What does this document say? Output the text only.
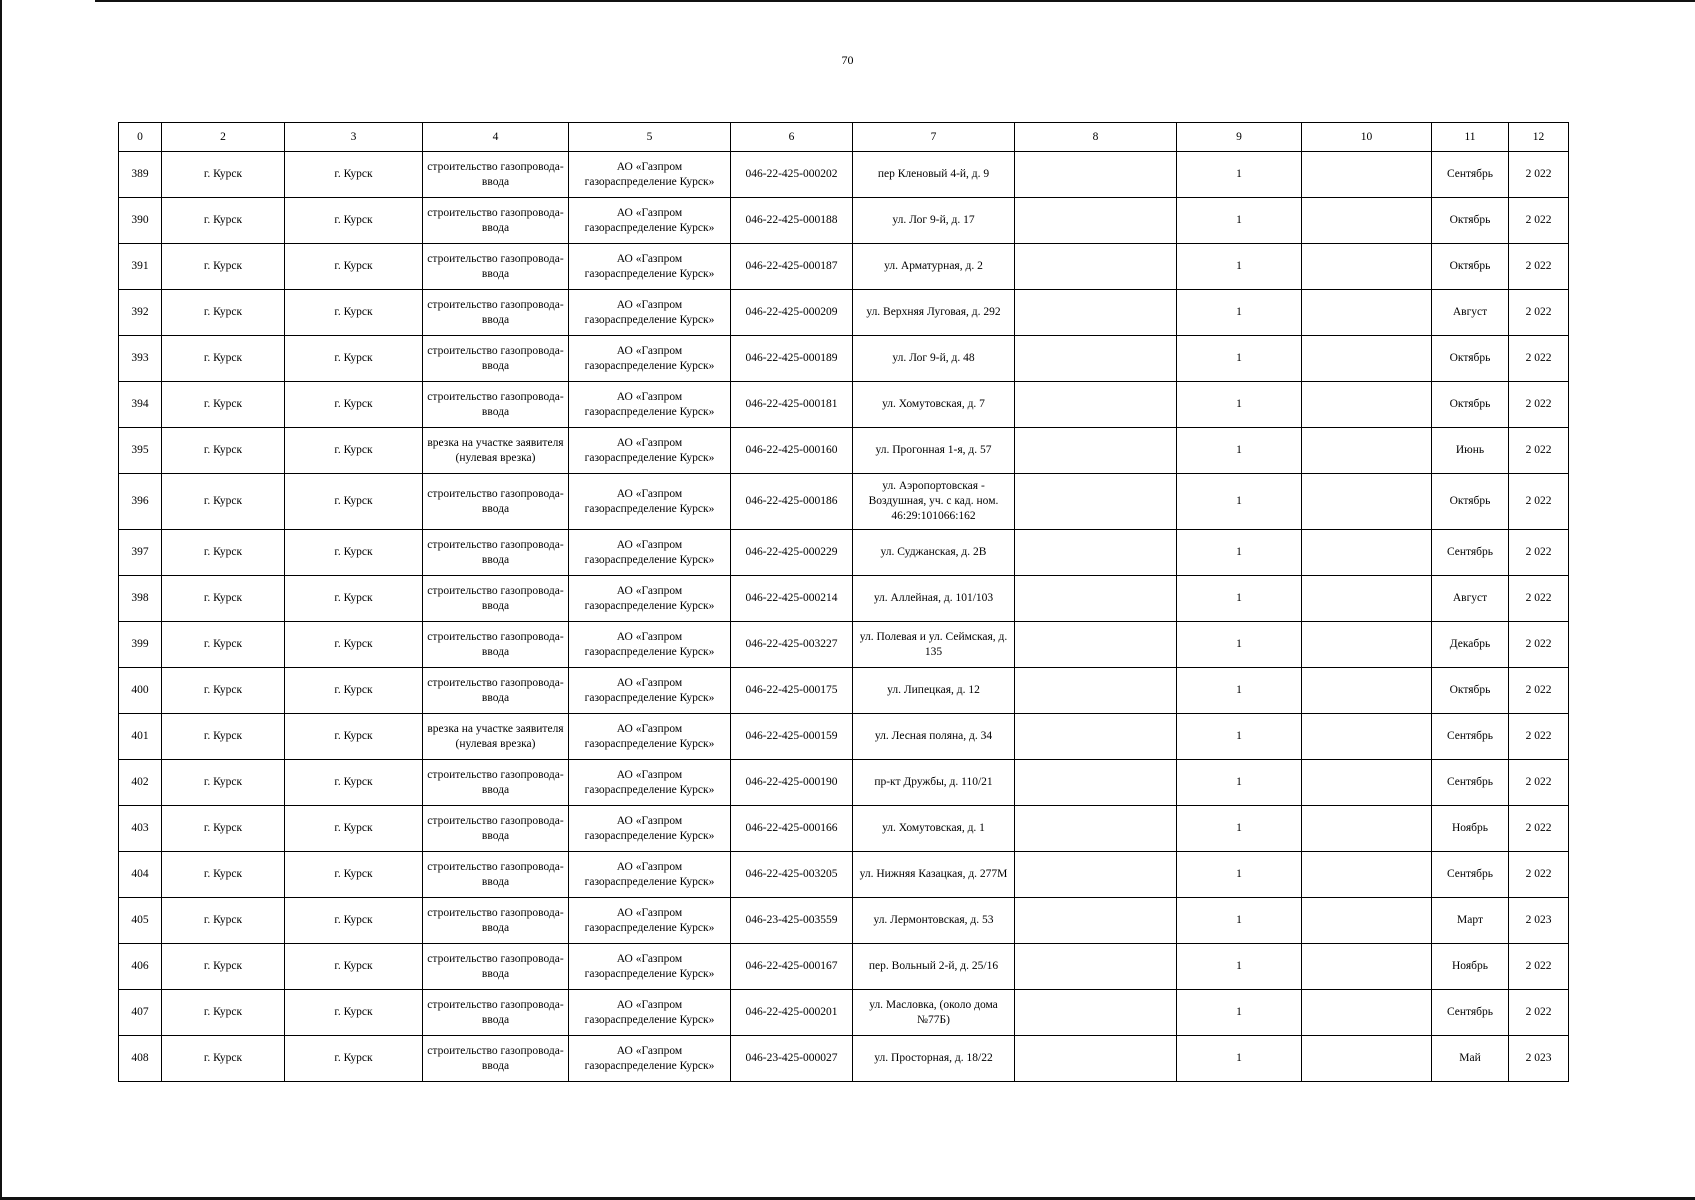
70
0	2	3	4	5	6	7	8	9	10	11	12
389	г. Курск	г. Курск	строительство газопровода-ввода	АО «Газпром газораспределение Курск»	046-22-425-000202	пер Кленовый 4-й, д. 9		1		Сентябрь	2 022
390	г. Курск	г. Курск	строительство газопровода-ввода	АО «Газпром газораспределение Курск»	046-22-425-000188	ул. Лог 9-й, д. 17		1		Октябрь	2 022
391	г. Курск	г. Курск	строительство газопровода-ввода	АО «Газпром газораспределение Курск»	046-22-425-000187	ул. Арматурная, д. 2		1		Октябрь	2 022
392	г. Курск	г. Курск	строительство газопровода-ввода	АО «Газпром газораспределение Курск»	046-22-425-000209	ул. Верхняя Луговая, д. 292		1		Август	2 022
393	г. Курск	г. Курск	строительство газопровода-ввода	АО «Газпром газораспределение Курск»	046-22-425-000189	ул. Лог 9-й, д. 48		1		Октябрь	2 022
394	г. Курск	г. Курск	строительство газопровода-ввода	АО «Газпром газораспределение Курск»	046-22-425-000181	ул. Хомутовская, д. 7		1		Октябрь	2 022
395	г. Курск	г. Курск	врезка на участке заявителя (нулевая врезка)	АО «Газпром газораспределение Курск»	046-22-425-000160	ул. Прогонная 1-я, д. 57		1		Июнь	2 022
396	г. Курск	г. Курск	строительство газопровода-ввода	АО «Газпром газораспределение Курск»	046-22-425-000186	ул. Аэропортовская - Воздушная, уч. с кад. ном. 46:29:101066:162		1		Октябрь	2 022
397	г. Курск	г. Курск	строительство газопровода-ввода	АО «Газпром газораспределение Курск»	046-22-425-000229	ул. Суджанская, д. 2В		1		Сентябрь	2 022
398	г. Курск	г. Курск	строительство газопровода-ввода	АО «Газпром газораспределение Курск»	046-22-425-000214	ул. Аллейная, д. 101/103		1		Август	2 022
399	г. Курск	г. Курск	строительство газопровода-ввода	АО «Газпром газораспределение Курск»	046-22-425-003227	ул. Полевая и ул. Сеймская, д. 135		1		Декабрь	2 022
400	г. Курск	г. Курск	строительство газопровода-ввода	АО «Газпром газораспределение Курск»	046-22-425-000175	ул. Липецкая, д. 12		1		Октябрь	2 022
401	г. Курск	г. Курск	врезка на участке заявителя (нулевая врезка)	АО «Газпром газораспределение Курск»	046-22-425-000159	ул. Лесная поляна, д. 34		1		Сентябрь	2 022
402	г. Курск	г. Курск	строительство газопровода-ввода	АО «Газпром газораспределение Курск»	046-22-425-000190	пр-кт Дружбы, д. 110/21		1		Сентябрь	2 022
403	г. Курск	г. Курск	строительство газопровода-ввода	АО «Газпром газораспределение Курск»	046-22-425-000166	ул. Хомутовская, д. 1		1		Ноябрь	2 022
404	г. Курск	г. Курск	строительство газопровода-ввода	АО «Газпром газораспределение Курск»	046-22-425-003205	ул. Нижняя Казацкая, д. 277М		1		Сентябрь	2 022
405	г. Курск	г. Курск	строительство газопровода-ввода	АО «Газпром газораспределение Курск»	046-23-425-003559	ул. Лермонтовская, д. 53		1		Март	2 023
406	г. Курск	г. Курск	строительство газопровода-ввода	АО «Газпром газораспределение Курск»	046-22-425-000167	пер. Вольный 2-й, д. 25/16		1		Ноябрь	2 022
407	г. Курск	г. Курск	строительство газопровода-ввода	АО «Газпром газораспределение Курск»	046-22-425-000201	ул. Масловка, (около дома №77Б)		1		Сентябрь	2 022
408	г. Курск	г. Курск	строительство газопровода-ввода	АО «Газпром газораспределение Курск»	046-23-425-000027	ул. Просторная, д. 18/22		1		Май	2 023
